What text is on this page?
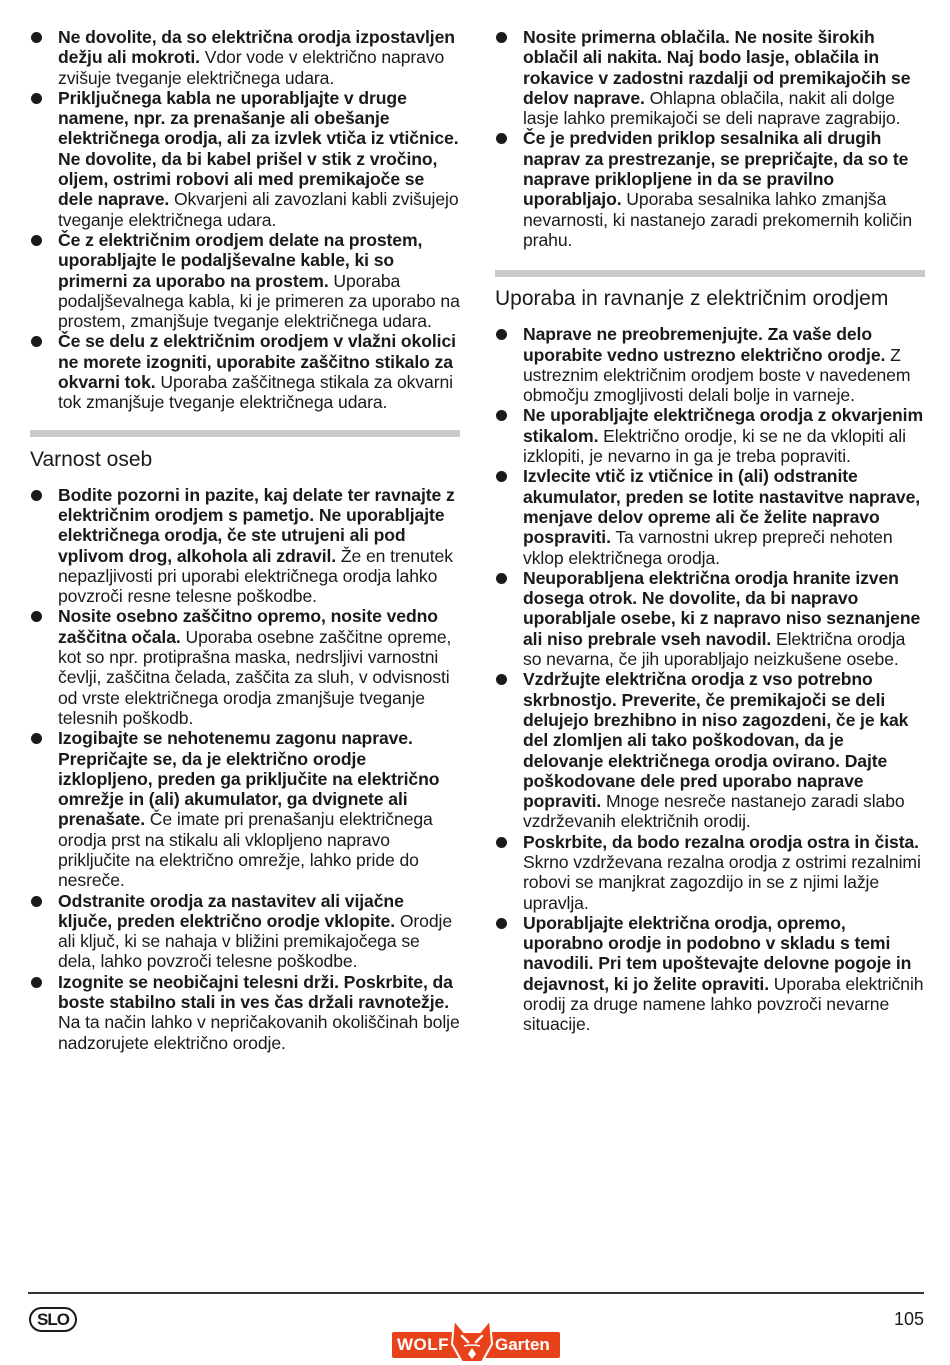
Ne dovolite, da so električna orodja izpostavljen dežju ali mokroti. Vdor vode v električno napravo zvišuje tveganje električnega udara.
Priključnega kabla ne uporabljajte v druge namene, npr. za prenašanje ali obešanje električnega orodja, ali za izvlek vtiča iz vtičnice. Ne dovolite, da bi kabel prišel v stik z vročino, oljem, ostrimi robovi ali med premikajoče se dele naprave. Okvarjeni ali zavozlani kabli zvišujejo tveganje električnega udara.
Če z električnim orodjem delate na prostem, uporabljajte le podaljševalne kable, ki so primerni za uporabo na prostem. Uporaba podaljševalnega kabla, ki je primeren za uporabo na prostem, zmanjšuje tveganje električnega udara.
Če se delu z električnim orodjem v vlažni okolici ne morete izogniti, uporabite zaščitno stikalo za okvarni tok. Uporaba zaščitnega stikala za okvarni tok zmanjšuje tveganje električnega udara.
Varnost oseb
Bodite pozorni in pazite, kaj delate ter ravnajte z električnim orodjem s pametjo. Ne uporabljajte električnega orodja, če ste utrujeni ali pod vplivom drog, alkohola ali zdravil. Že en trenutek nepazljivosti pri uporabi električnega orodja lahko povzroči resne telesne poškodbe.
Nosite osebno zaščitno opremo, nosite vedno zaščitna očala. Uporaba osebne zaščitne opreme, kot so npr. protiprašna maska, nedrsljivi varnostni čevlji, zaščitna čelada, zaščita za sluh, v odvisnosti od vrste električnega orodja zmanjšuje tveganje telesnih poškodb.
Izogibajte se nehotenemu zagonu naprave. Prepričajte se, da je električno orodje izklopljeno, preden ga priključite na električno omrežje in (ali) akumulator, ga dvignete ali prenašate. Če imate pri prenašanju električnega orodja prst na stikalu ali vklopljeno napravo priključite na električno omrežje, lahko pride do nesreče.
Odstranite orodja za nastavitev ali vijačne ključe, preden električno orodje vklopite. Orodje ali ključ, ki se nahaja v bližini premikajočega se dela, lahko povzroči telesne poškodbe.
Izognite se neobičajni telesni drži. Poskrbite, da boste stabilno stali in ves čas držali ravnotežje. Na ta način lahko v nepričakovanih okoliščinah bolje nadzorujete električno orodje.
Nosite primerna oblačila. Ne nosite širokih oblačil ali nakita. Naj bodo lasje, oblačila in rokavice v zadostni razdalji od premikajočih se delov naprave. Ohlapna oblačila, nakit ali dolge lasje lahko premikajoči se deli naprave zagrabijo.
Če je predviden priklop sesalnika ali drugih naprav za prestrezanje, se prepričajte, da so te naprave priklopljene in da se pravilno uporabljajo. Uporaba sesalnika lahko zmanjša nevarnosti, ki nastanejo zaradi prekomernih količin prahu.
Uporaba in ravnanje z električnim orodjem
Naprave ne preobremenjujte. Za vaše delo uporabite vedno ustrezno električno orodje. Z ustreznim električnim orodjem boste v navedenem območju zmogljivosti delali bolje in varneje.
Ne uporabljajte električnega orodja z okvarjenim stikalom. Električno orodje, ki se ne da vklopiti ali izklopiti, je nevarno in ga je treba popraviti.
Izvlecite vtič iz vtičnice in (ali) odstranite akumulator, preden se lotite nastavitve naprave, menjave delov opreme ali če želite napravo pospraviti. Ta varnostni ukrep prepreči nehoten vklop električnega orodja.
Neuporabljena električna orodja hranite izven dosega otrok. Ne dovolite, da bi napravo uporabljale osebe, ki z napravo niso seznanjene ali niso prebrale vseh navodil. Električna orodja so nevarna, če jih uporabljajo neizkušene osebe.
Vzdržujte električna orodja z vso potrebno skrbnostjo. Preverite, če premikajoči se deli delujejo brezhibno in niso zagozdeni, če je kak del zlomljen ali tako poškodovan, da je delovanje električnega orodja ovirano. Dajte poškodovane dele pred uporabo naprave popraviti. Mnoge nesreče nastanejo zaradi slabo vzdrževanih električnih orodij.
Poskrbite, da bodo rezalna orodja ostra in čista. Skrno vzdrževana rezalna orodja z ostrimi rezalnimi robovi se manjkrat zagozdijo in se z njimi lažje upravlja.
Uporabljajte električna orodja, opremo, uporabno orodje in podobno v skladu s temi navodili. Pri tem upoštevajte delovne pogoje in dejavnost, ki jo želite opraviti. Uporaba električnih orodij za druge namene lahko povzroči nevarne situacije.
SLO	105
WOLF	Garten
